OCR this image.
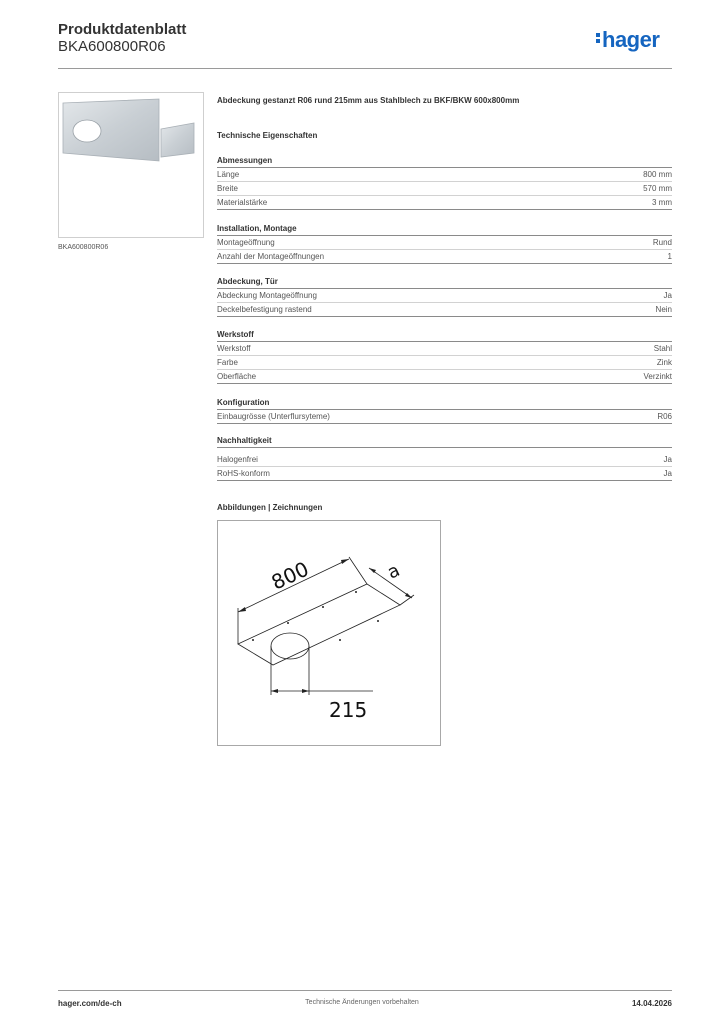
Produktdatenblatt
BKA600800R06	hager
BKA600800R06
Abdeckung gestanzt R06 rund 215mm aus Stahlblech zu BKF/BKW 600x800mm
Technische Eigenschaften
Abmessungen
Länge	800 mm
Breite	570 mm
Materialstärke	3 mm
Installation, Montage
Montageöffnung	Rund
Anzahl der Montageöffnungen	1
Abdeckung, Tür
Abdeckung Montageöffnung	Ja
Deckelbefestigung rastend	Nein
Werkstoff
Werkstoff	Stahl
Farbe	Zink
Oberfläche	Verzinkt
Konfiguration
Einbaugrösse (Unterflursyteme)	R06
Nachhaltigkeit
Halogenfrei	Ja
RoHS-konform	Ja
Abbildungen | Zeichnungen
800	a
215
hager.com/de-ch	Technische Änderungen vorbehalten	14.04.2026
